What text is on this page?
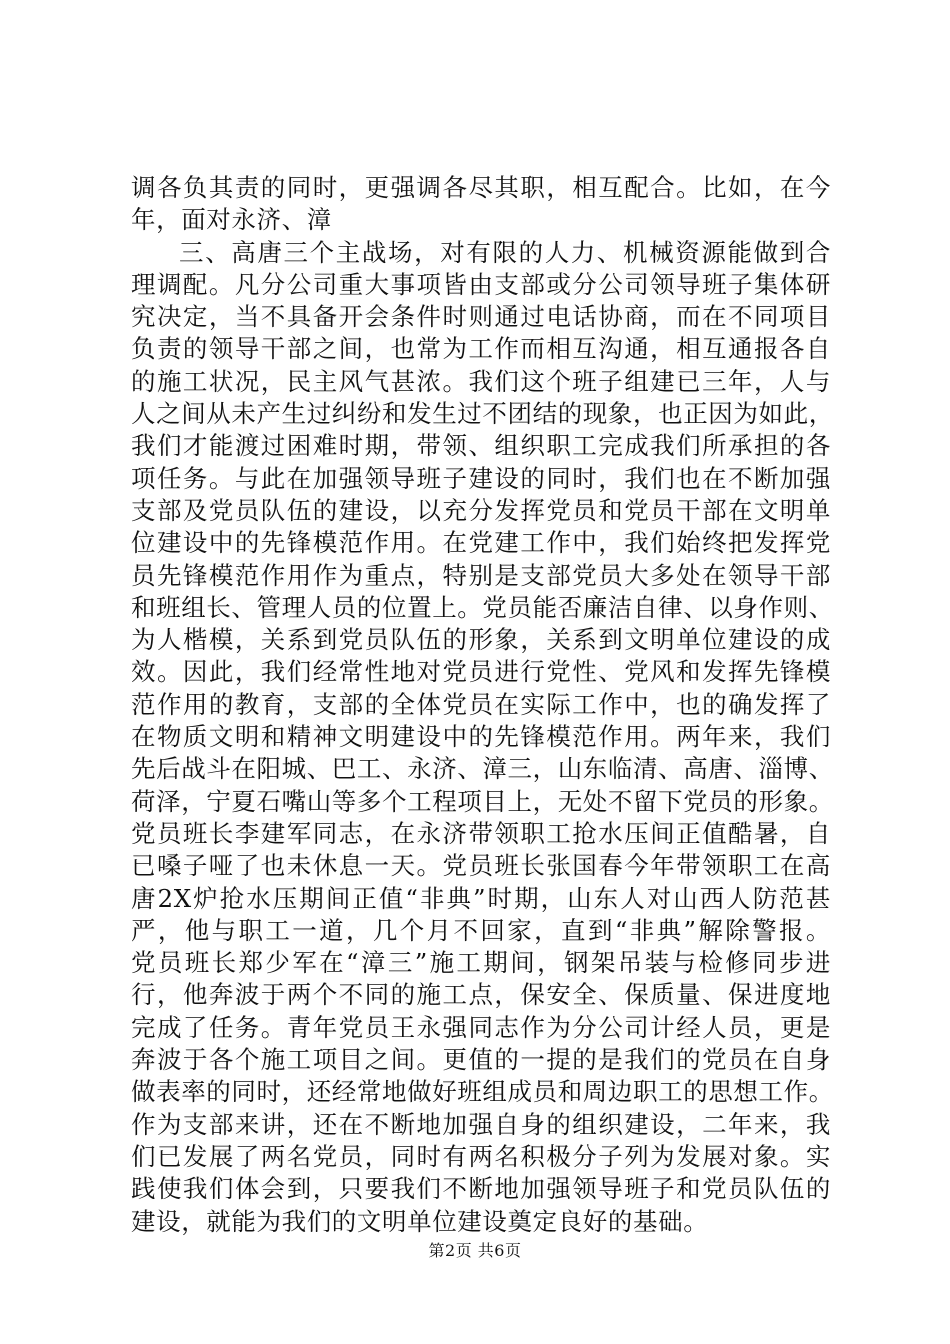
调各负其责的同时，更强调各尽其职，相互配合。比如，在今
年，面对永济、漳
三、高唐三个主战场，对有限的人力、机械资源能做到合
理调配。凡分公司重大事项皆由支部或分公司领导班子集体研
究决定，当不具备开会条件时则通过电话协商，而在不同项目
负责的领导干部之间，也常为工作而相互沟通，相互通报各自
的施工状况，民主风气甚浓。我们这个班子组建已三年，人与
人之间从未产生过纠纷和发生过不团结的现象，也正因为如此，
我们才能渡过困难时期，带领、组织职工完成我们所承担的各
项任务。与此在加强领导班子建设的同时，我们也在不断加强
支部及党员队伍的建设，以充分发挥党员和党员干部在文明单
位建设中的先锋模范作用。在党建工作中，我们始终把发挥党
员先锋模范作用作为重点，特别是支部党员大多处在领导干部
和班组长、管理人员的位置上。党员能否廉洁自律、以身作则、
为人楷模，关系到党员队伍的形象，关系到文明单位建设的成
效。因此，我们经常性地对党员进行党性、党风和发挥先锋模
范作用的教育，支部的全体党员在实际工作中，也的确发挥了
在物质文明和精神文明建设中的先锋模范作用。两年来，我们
先后战斗在阳城、巴工、永济、漳三，山东临清、高唐、淄博、
荷泽，宁夏石嘴山等多个工程项目上，无处不留下党员的形象。
党员班长李建军同志，在永济带领职工抢水压间正值酷暑，自
已嗓子哑了也未休息一天。党员班长张国春今年带领职工在高
唐2X炉抢水压期间正值“非典”时期，山东人对山西人防范甚
严，他与职工一道，几个月不回家，直到“非典”解除警报。
党员班长郑少军在“漳三”施工期间，钢架吊装与检修同步进
行，他奔波于两个不同的施工点，保安全、保质量、保进度地
完成了任务。青年党员王永强同志作为分公司计经人员，更是
奔波于各个施工项目之间。更值的一提的是我们的党员在自身
做表率的同时，还经常地做好班组成员和周边职工的思想工作。
作为支部来讲，还在不断地加强自身的组织建设，二年来，我
们已发展了两名党员，同时有两名积极分子列为发展对象。实
践使我们体会到，只要我们不断地加强领导班子和党员队伍的
建设，就能为我们的文明单位建设奠定良好的基础。
第2页 共6页
